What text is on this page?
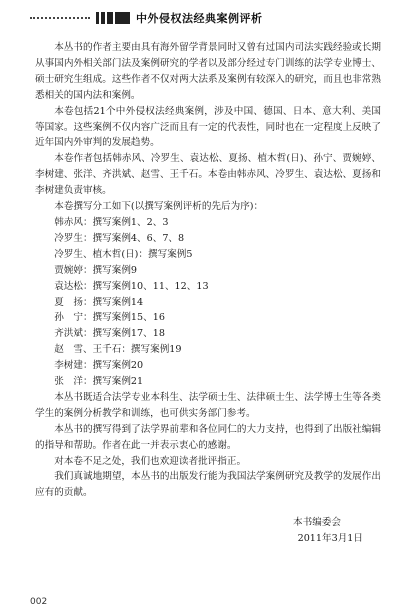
中外侵权法经典案例评析

本丛书的作者主要由具有海外留学背景同时又曾有过国内司法实践经验或长期从事国内外相关部门法及案例研究的学者以及部分经过专门训练的法学专业博士、硕士研究生组成。这些作者不仅对两大法系及案例有较深入的研究，而且也非常熟悉相关的国内法和案例。

本卷包括21个中外侵权法经典案例，涉及中国、德国、日本、意大利、美国等国家。这些案例不仅内容广泛而且有一定的代表性，同时也在一定程度上反映了近年国内外审判的发展趋势。

本卷作者包括韩赤风、冷罗生、袁达松、夏扬、植木哲(日)、孙宁、贾婉婷、李树建、张洋、齐洪斌、赵雪、王千石。本卷由韩赤风、冷罗生、袁达松、夏扬和李树建负责审核。

本卷撰写分工如下(以撰写案例评析的先后为序)：

韩赤风：撰写案例1、2、3
冷罗生：撰写案例4、6、7、8
冷罗生、植木哲(日)：撰写案例5
贾婉婷：撰写案例9
袁达松：撰写案例10、11、12、13
夏　扬：撰写案例14
孙　宁：撰写案例15、16
齐洪斌：撰写案例17、18
赵　雪、王千石：撰写案例19
李树建：撰写案例20
张　洋：撰写案例21

本丛书既适合法学专业本科生、法学硕士生、法律硕士生、法学博士生等各类学生的案例分析教学和训练，也可供实务部门参考。

本丛书的撰写得到了法学界前辈和各位同仁的大力支持，也得到了出版社编辑的指导和帮助。作者在此一并表示衷心的感谢。

对本卷不足之处，我们也欢迎读者批评指正。

我们真诚地期望，本丛书的出版发行能为我国法学案例研究及教学的发展作出应有的贡献。

本书编委会
2011年3月1日
002
